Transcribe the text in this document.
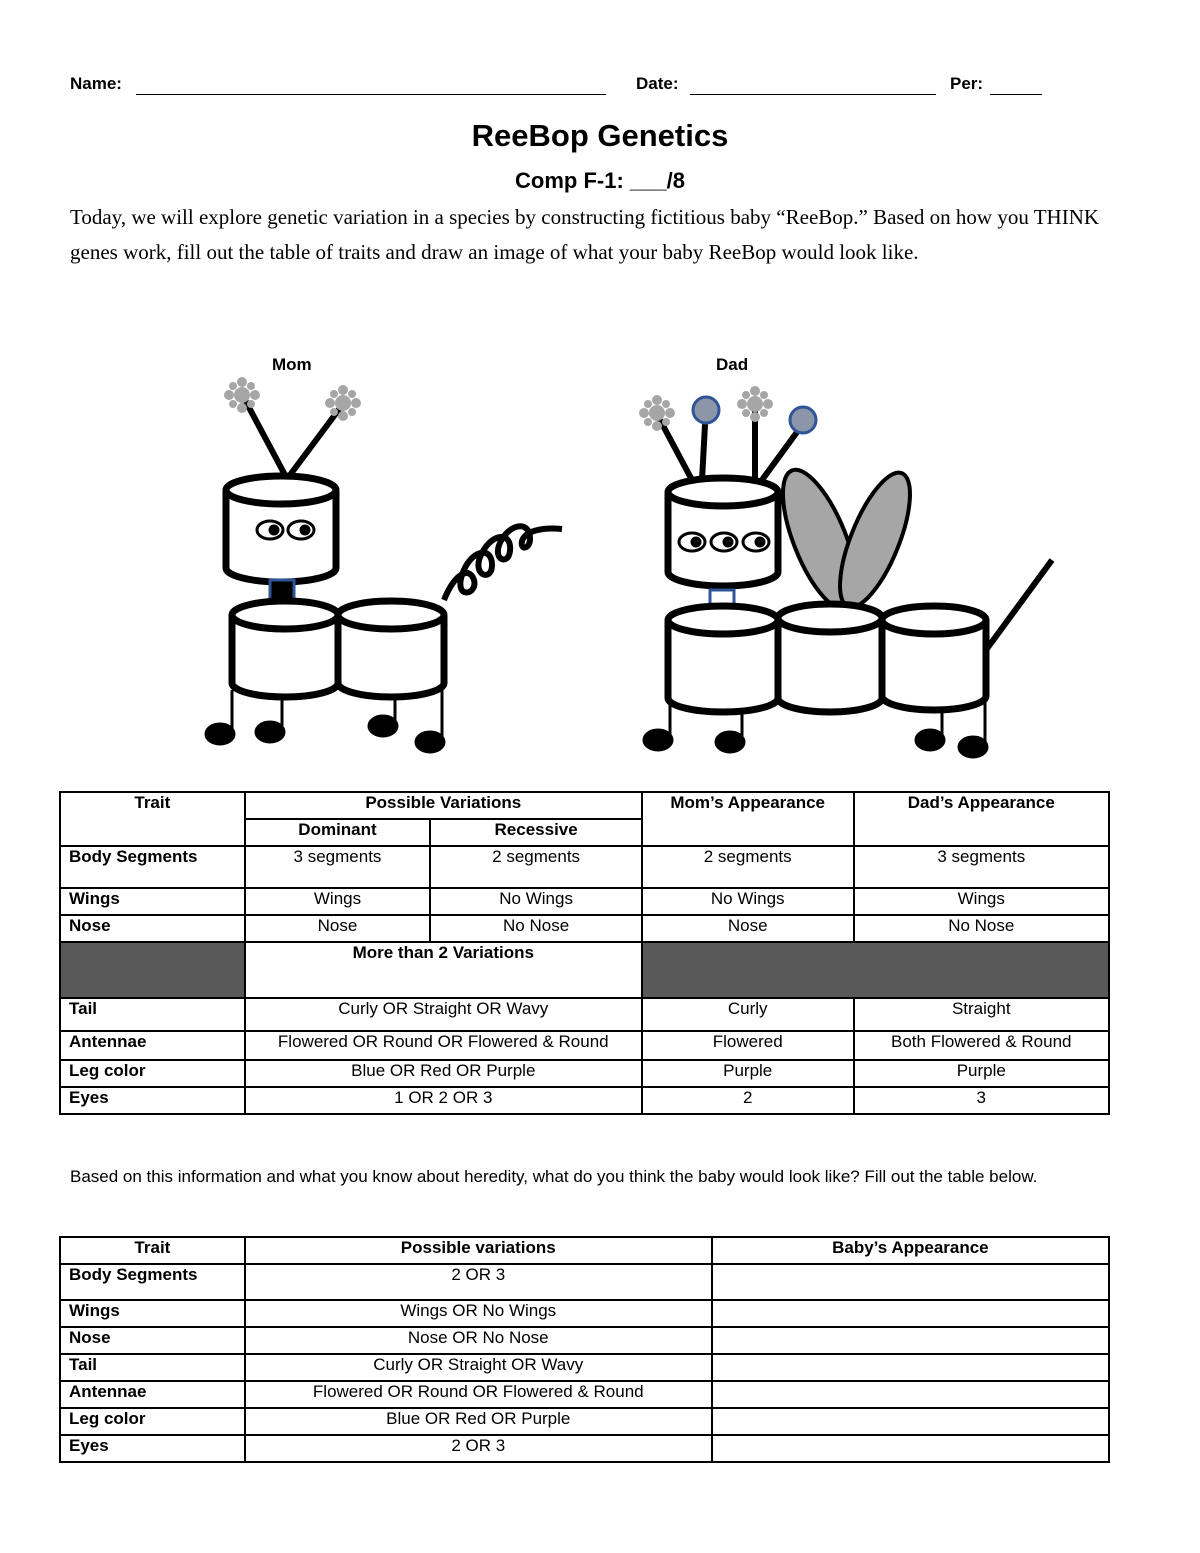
Name:	Date:	Per:
ReeBop Genetics
Comp F-1: ___/8
Today, we will explore genetic variation in a species by constructing fictitious baby “ReeBop.” Based on how you THINK genes work, fill out the table of traits and draw an image of what your baby ReeBop would look like.
Mom	Dad
Trait	Possible Variations		Mom’s Appearance	Dad’s Appearance
	Dominant	Recessive		
Body Segments	3 segments	2 segments	2 segments	3 segments
Wings	Wings	No Wings	No Wings	Wings
Nose	Nose	No Nose	Nose	No Nose
	More than 2 Variations			
Tail	Curly OR Straight OR Wavy		Curly	Straight
Antennae	Flowered OR Round OR Flowered & Round		Flowered	Both Flowered & Round
Leg color	Blue OR Red OR Purple		Purple	Purple
Eyes	1 OR 2 OR 3		2	3
Based on this information and what you know about heredity, what do you think the baby would look like? Fill out the table below.
Trait	Possible variations	Baby’s Appearance
Body Segments	2 OR 3	
Wings	Wings OR No Wings	
Nose	Nose OR No Nose	
Tail	Curly OR Straight OR Wavy	
Antennae	Flowered OR Round OR Flowered & Round	
Leg color	Blue OR Red OR Purple	
Eyes	2 OR 3	
